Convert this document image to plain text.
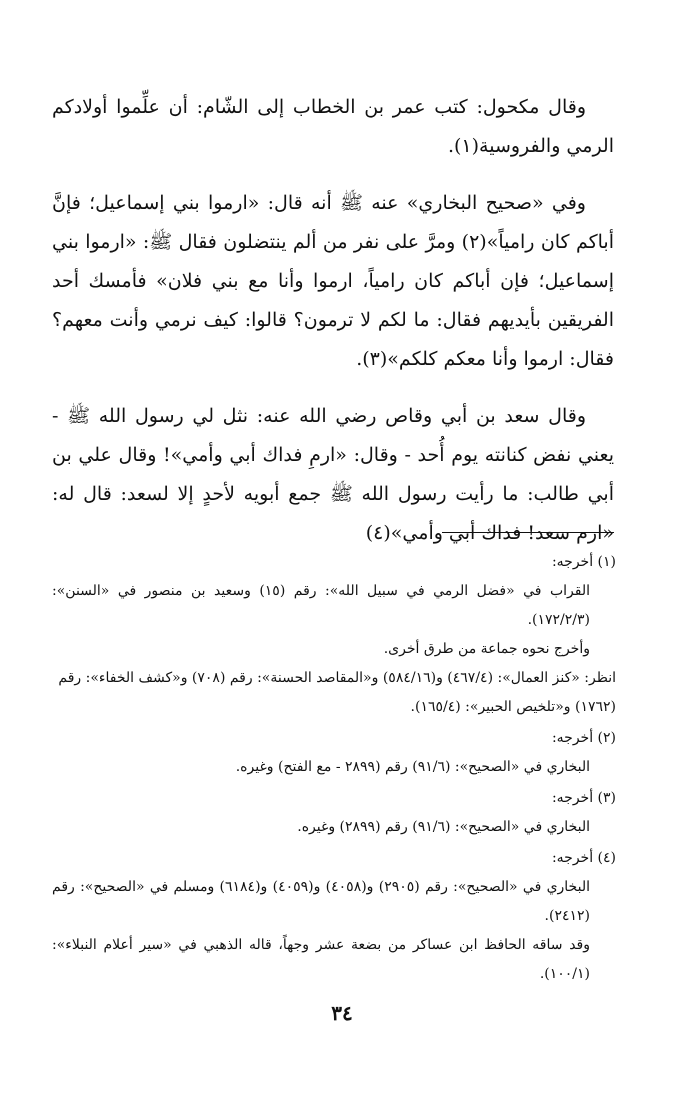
وقال مكحول: كتب عمر بن الخطاب إلى الشّام: أن علِّموا أولادكم الرمي والفروسية(١).

وفي «صحيح البخاري» عنه ﷺ أنه قال: «ارموا بني إسماعيل؛ فإنَّ أباكم كان رامياً»(٢) ومرَّ على نفر من ألم ينتضلون فقال ﷺ: «ارموا بني إسماعيل؛ فإن أباكم كان رامياً، ارموا وأنا مع بني فلان» فأمسك أحد الفريقين بأيديهم فقال: ما لكم لا ترمون؟ قالوا: كيف نرمي وأنت معهم؟ فقال: ارموا وأنا معكم كلكم»(٣).

وقال سعد بن أبي وقاص رضي الله عنه: نثل لي رسول الله ﷺ - يعني نفض كنانته يوم أُحد - وقال: «ارمِ فداك أبي وأمي»! وقال علي بن أبي طالب: ما رأيت رسول الله ﷺ جمع أبويه لأحدٍ إلا لسعد: قال له: «ارم سعد! فداك أبي وأمي»(٤)

(١) أخرجه:
القراب في «فضل الرمي في سبيل الله»: رقم (١٥) وسعيد بن منصور في «السنن»: (١٧٢/٢/٣).
وأخرج نحوه جماعة من طرق أخرى.
انظر: «كنز العمال»: (٤٦٧/٤) و(٥٨٤/١٦) و«المقاصد الحسنة»: رقم (٧٠٨) و«كشف الخفاء»: رقم (١٧٦٢) و«تلخيص الحبير»: (١٦٥/٤).
(٢) أخرجه:
البخاري في «الصحيح»: (٩١/٦) رقم (٢٨٩٩ - مع الفتح) وغيره.
(٣) أخرجه:
البخاري في «الصحيح»: (٩١/٦) رقم (٢٨٩٩) وغيره.
(٤) أخرجه:
البخاري في «الصحيح»: رقم (٢٩٠٥) و(٤٠٥٨) و(٤٠٥٩) و(٦١٨٤) ومسلم في «الصحيح»: رقم (٢٤١٢).
وقد ساقه الحافظ ابن عساكر من بضعة عشر وجهاً، قاله الذهبي في «سير أعلام النبلاء»: (١٠٠/١).
٣٤
